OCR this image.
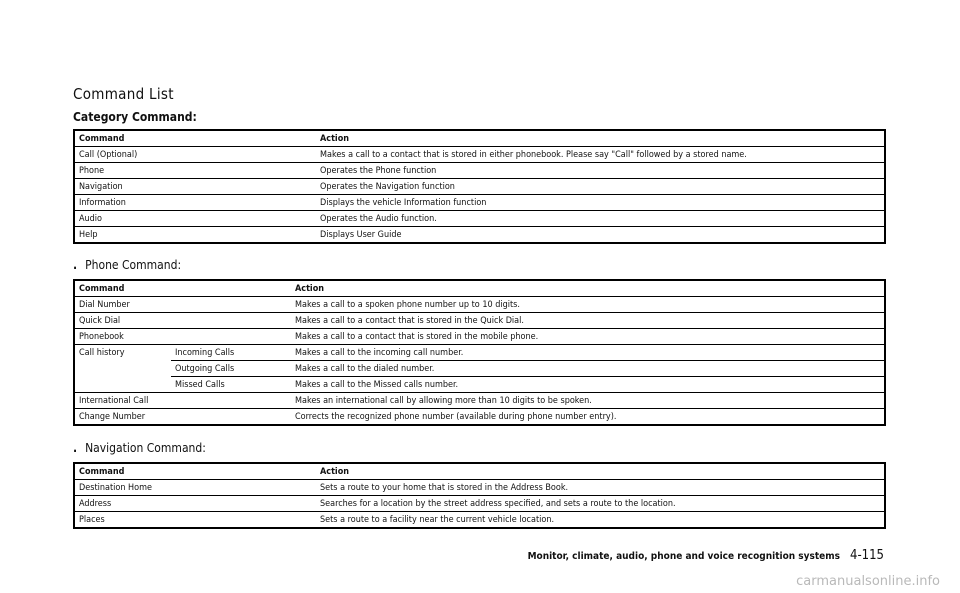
Command List
Category Command:
Command	Action
Call (Optional)	Makes a call to a contact that is stored in either phonebook. Please say "Call" followed by a stored name.
Phone	Operates the Phone function
Navigation	Operates the Navigation function
Information	Displays the vehicle Information function
Audio	Operates the Audio function.
Help	Displays User Guide
. Phone Command:
Command		Action
Dial Number		Makes a call to a spoken phone number up to 10 digits.
Quick Dial		Makes a call to a contact that is stored in the Quick Dial.
Phonebook		Makes a call to a contact that is stored in the mobile phone.
Call history	Incoming Calls	Makes a call to the incoming call number.
	Outgoing Calls	Makes a call to the dialed number.
	Missed Calls	Makes a call to the Missed calls number.
International Call		Makes an international call by allowing more than 10 digits to be spoken.
Change Number		Corrects the recognized phone number (available during phone number entry).
. Navigation Command:
Command	Action
Destination Home	Sets a route to your home that is stored in the Address Book.
Address	Searches for a location by the street address specified, and sets a route to the location.
Places	Sets a route to a facility near the current vehicle location.
Monitor, climate, audio, phone and voice recognition systems 4-115
carmanualsonline.info
